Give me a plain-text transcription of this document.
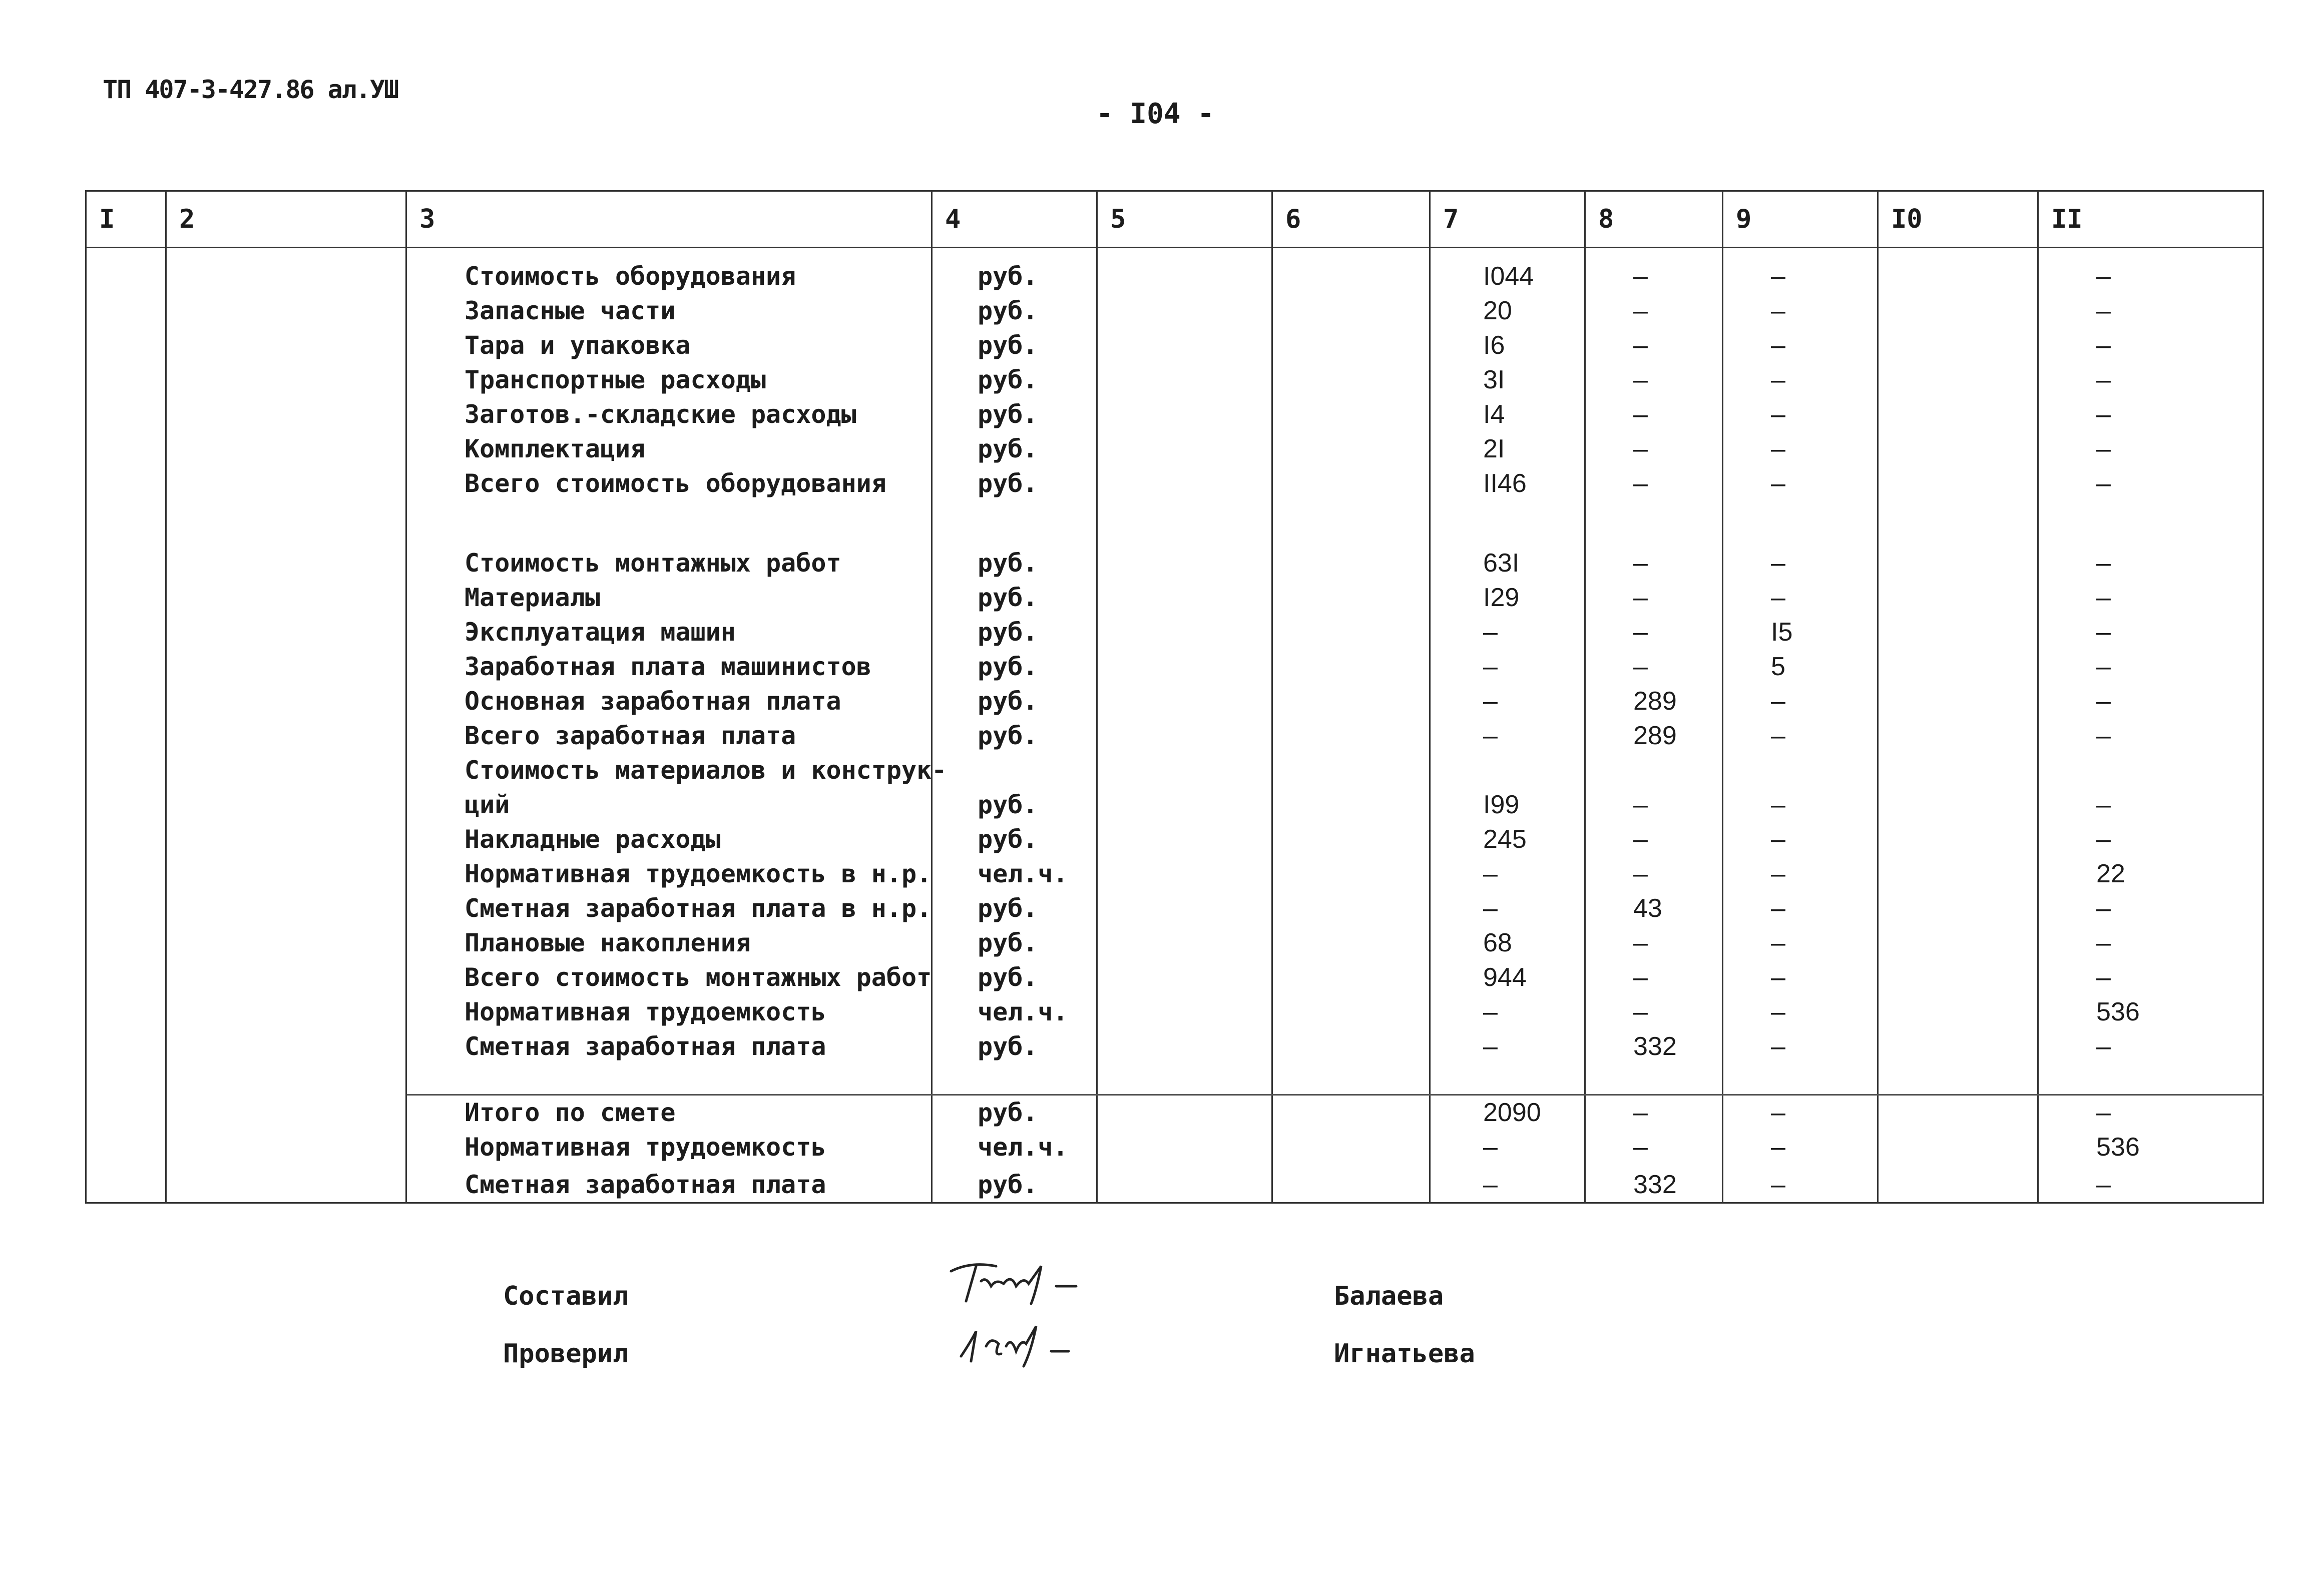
ТП 407-3-427.86 ал.УШ
- I04 -
I	2	3	4	5	6	7	8	9	I0	II

		Стоимость оборудования	руб.			I044	–	–		–
		Запасные части	руб.			20	–	–		–
		Тара и упаковка	руб.			I6	–	–		–
		Транспортные расходы	руб.			3I	–	–		–
		Заготов.-складские расходы	руб.			I4	–	–		–
		Комплектация	руб.			2I	–	–		–
		Всего стоимость оборудования	руб.			II46	–	–		–

		Стоимость монтажных работ	руб.			63I	–	–		–
		Материалы	руб.			I29	–	–		–
		Эксплуатация машин	руб.			–	–	I5		–
		Заработная плата машинистов	руб.			–	–	5		–
		Основная заработная плата	руб.			–	289	–		–
		Всего заработная плата	руб.			–	289	–		–
		Стоимость материалов и конструк-								
		ций	руб.			I99	–	–		–
		Накладные расходы	руб.			245	–	–		–
		Нормативная трудоемкость в н.р.	чел.ч.			–	–	–		22
		Сметная заработная плата в н.р.	руб.			–	43	–		–
		Плановые накопления	руб.			68	–	–		–
		Всего стоимость монтажных работ	руб.			944	–	–		–
		Нормативная трудоемкость	чел.ч.			–	–	–		536
		Сметная заработная плата	руб.			–	332	–		–

		Итого по смете	руб.			2090	–	–		–
		Нормативная трудоемкость	чел.ч.			–	–	–		536
		Сметная заработная плата	руб.			–	332	–		–
Составил
Проверил
Балаева
Игнатьева
